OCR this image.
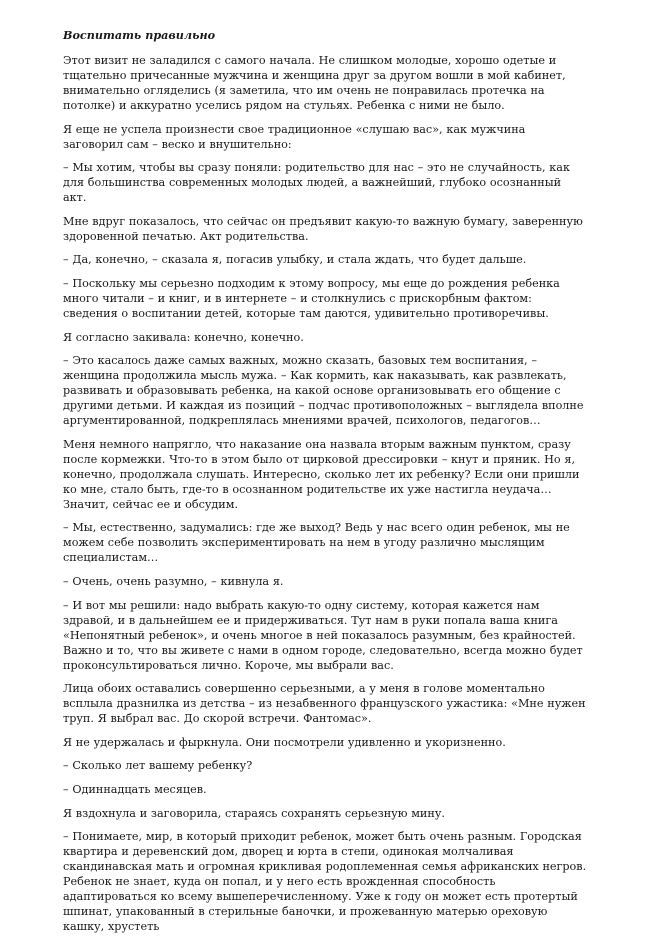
Воспитать правильно

Этот визит не заладился с самого начала. Не слишком молодые, хорошо одетые и тщательно причесанные мужчина и женщина друг за другом вошли в мой кабинет, внимательно огляделись (я заметила, что им очень не понравилась протечка на потолке) и аккуратно уселись рядом на стульях. Ребенка с ними не было.

Я еще не успела произнести свое традиционное «слушаю вас», как мужчина заговорил сам – веско и внушительно:

– Мы хотим, чтобы вы сразу поняли: родительство для нас – это не случайность, как для большинства современных молодых людей, а важнейший, глубоко осознанный акт.

Мне вдруг показалось, что сейчас он предъявит какую-то важную бумагу, заверенную здоровенной печатью. Акт родительства.

– Да, конечно, – сказала я, погасив улыбку, и стала ждать, что будет дальше.

– Поскольку мы серьезно подходим к этому вопросу, мы еще до рождения ребенка много читали – и книг, и в интернете – и столкнулись с прискорбным фактом: сведения о воспитании детей, которые там даются, удивительно противоречивы.

Я согласно закивала: конечно, конечно.

– Это касалось даже самых важных, можно сказать, базовых тем воспитания, – женщина продолжила мысль мужа. – Как кормить, как наказывать, как развлекать, развивать и образовывать ребенка, на какой основе организовывать его общение с другими детьми. И каждая из позиций – подчас противоположных – выглядела вполне аргументированной, подкреплялась мнениями врачей, психологов, педагогов…

Меня немного напрягло, что наказание она назвала вторым важным пунктом, сразу после кормежки. Что-то в этом было от цирковой дрессировки – кнут и пряник. Но я, конечно, продолжала слушать. Интересно, сколько лет их ребенку? Если они пришли ко мне, стало быть, где-то в осознанном родительстве их уже настигла неудача… Значит, сейчас ее и обсудим.

– Мы, естественно, задумались: где же выход? Ведь у нас всего один ребенок, мы не можем себе позволить экспериментировать на нем в угоду различно мыслящим специалистам…

– Очень, очень разумно, – кивнула я.

– И вот мы решили: надо выбрать какую-то одну систему, которая кажется нам здравой, и в дальнейшем ее и придерживаться. Тут нам в руки попала ваша книга «Непонятный ребенок», и очень многое в ней показалось разумным, без крайностей. Важно и то, что вы живете с нами в одном городе, следовательно, всегда можно будет проконсультироваться лично. Короче, мы выбрали вас.

Лица обоих оставались совершенно серьезными, а у меня в голове моментально всплыла дразнилка из детства – из незабвенного французского ужастика: «Мне нужен труп. Я выбрал вас. До скорой встречи. Фантомас».

Я не удержалась и фыркнула. Они посмотрели удивленно и укоризненно.

– Сколько лет вашему ребенку?

– Одиннадцать месяцев.

Я вздохнула и заговорила, стараясь сохранять серьезную мину.

– Понимаете, мир, в который приходит ребенок, может быть очень разным. Городская квартира и деревенский дом, дворец и юрта в степи, одинокая молчаливая скандинавская мать и огромная крикливая родоплеменная семья африканских негров. Ребенок не знает, куда он попал, и у него есть врожденная способность адаптироваться ко всему вышеперечисленному. Уже к году он может есть протертый шпинат, упакованный в стерильные баночки, и прожеванную матерью ореховую кашку, хрустеть
